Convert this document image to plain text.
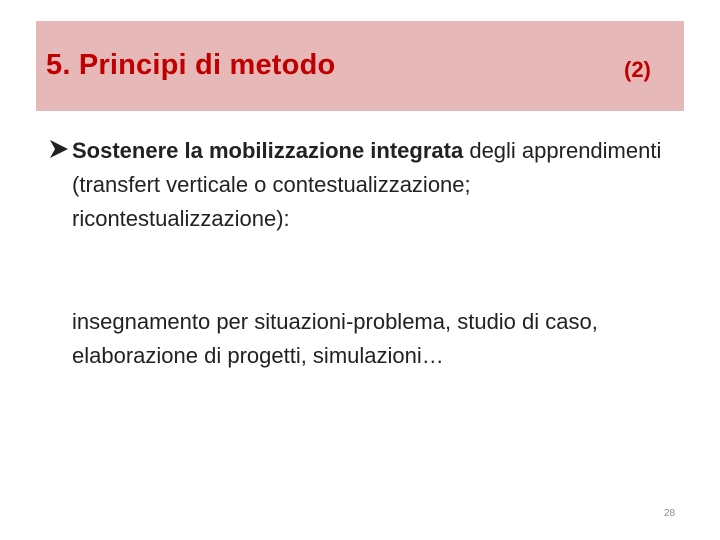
5. Principi di metodo	(2)
Sostenere la mobilizzazione integrata degli apprendimenti (transfert verticale o contestualizzazione; ricontestualizzazione):
insegnamento per situazioni-problema, studio di caso, elaborazione di progetti, simulazioni…
28
